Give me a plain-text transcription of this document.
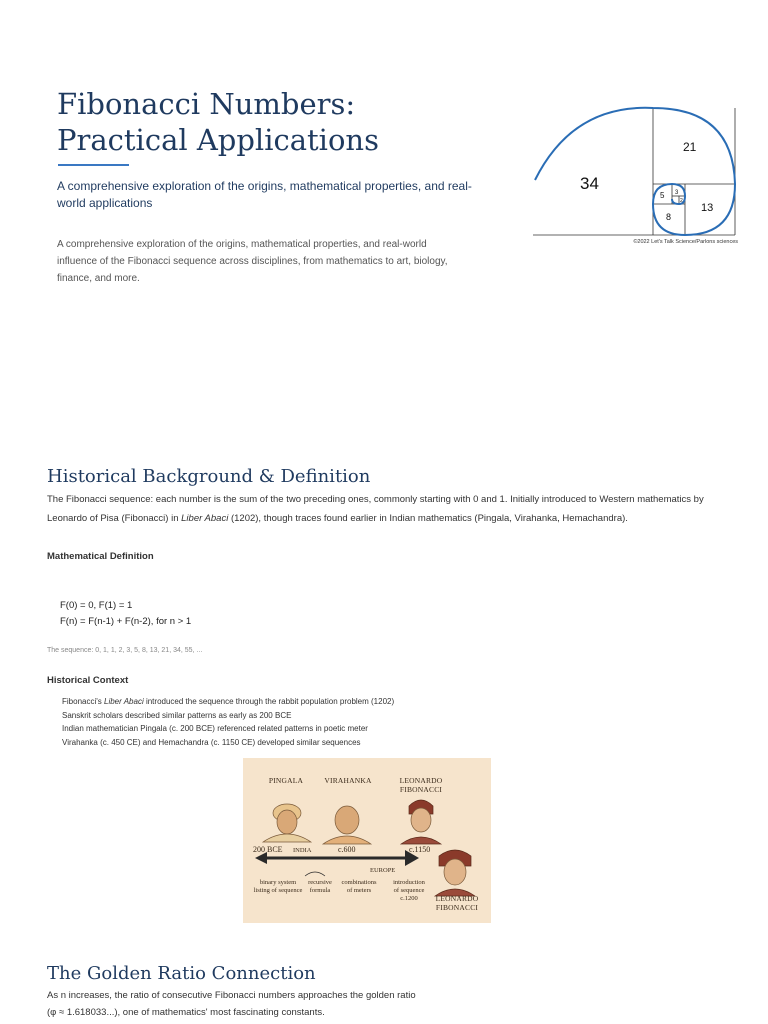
Fibonacci Numbers: Practical Applications
A comprehensive exploration of the origins, mathematical properties, and real-world applications
A comprehensive exploration of the origins, mathematical properties, and real-world influence of the Fibonacci sequence across disciplines, from mathematics to art, biology, finance, and more.
34
21
13
8
5 3
2
©2022 Let's Talk Science/Parlons sciences
Historical Background & Definition
The Fibonacci sequence: each number is the sum of the two preceding ones, commonly starting with 0 and 1. Initially introduced to Western mathematics by Leonardo of Pisa (Fibonacci) in Liber Abaci (1202), though traces found earlier in Indian mathematics (Pingala, Virahanka, Hemachandra).
Mathematical Definition
F(0) = 0, F(1) = 1
F(n) = F(n-1) + F(n-2), for n > 1
The sequence: 0, 1, 1, 2, 3, 5, 8, 13, 21, 34, 55, ...
Historical Context
Fibonacci's Liber Abaci introduced the sequence through the rabbit population problem (1202)
Sanskrit scholars described similar patterns as early as 200 BCE
Indian mathematician Pingala (c. 200 BCE) referenced related patterns in poetic meter
Virahanka (c. 450 CE) and Hemachandra (c. 1150 CE) developed similar sequences
PINGALA	VIRAHANKA	LEONARDO
FIBONACCI
200 BCE INDIA	c.600	c.1150
EUROPE
binary system
listing of sequence
recursive
formula
combinations
of meters
introduction
of sequence
c.1200	LEONARDO
FIBONACCI
The Golden Ratio Connection
As n increases, the ratio of consecutive Fibonacci numbers approaches the golden ratio (φ ≈ 1.618033...), one of mathematics' most fascinating constants.
